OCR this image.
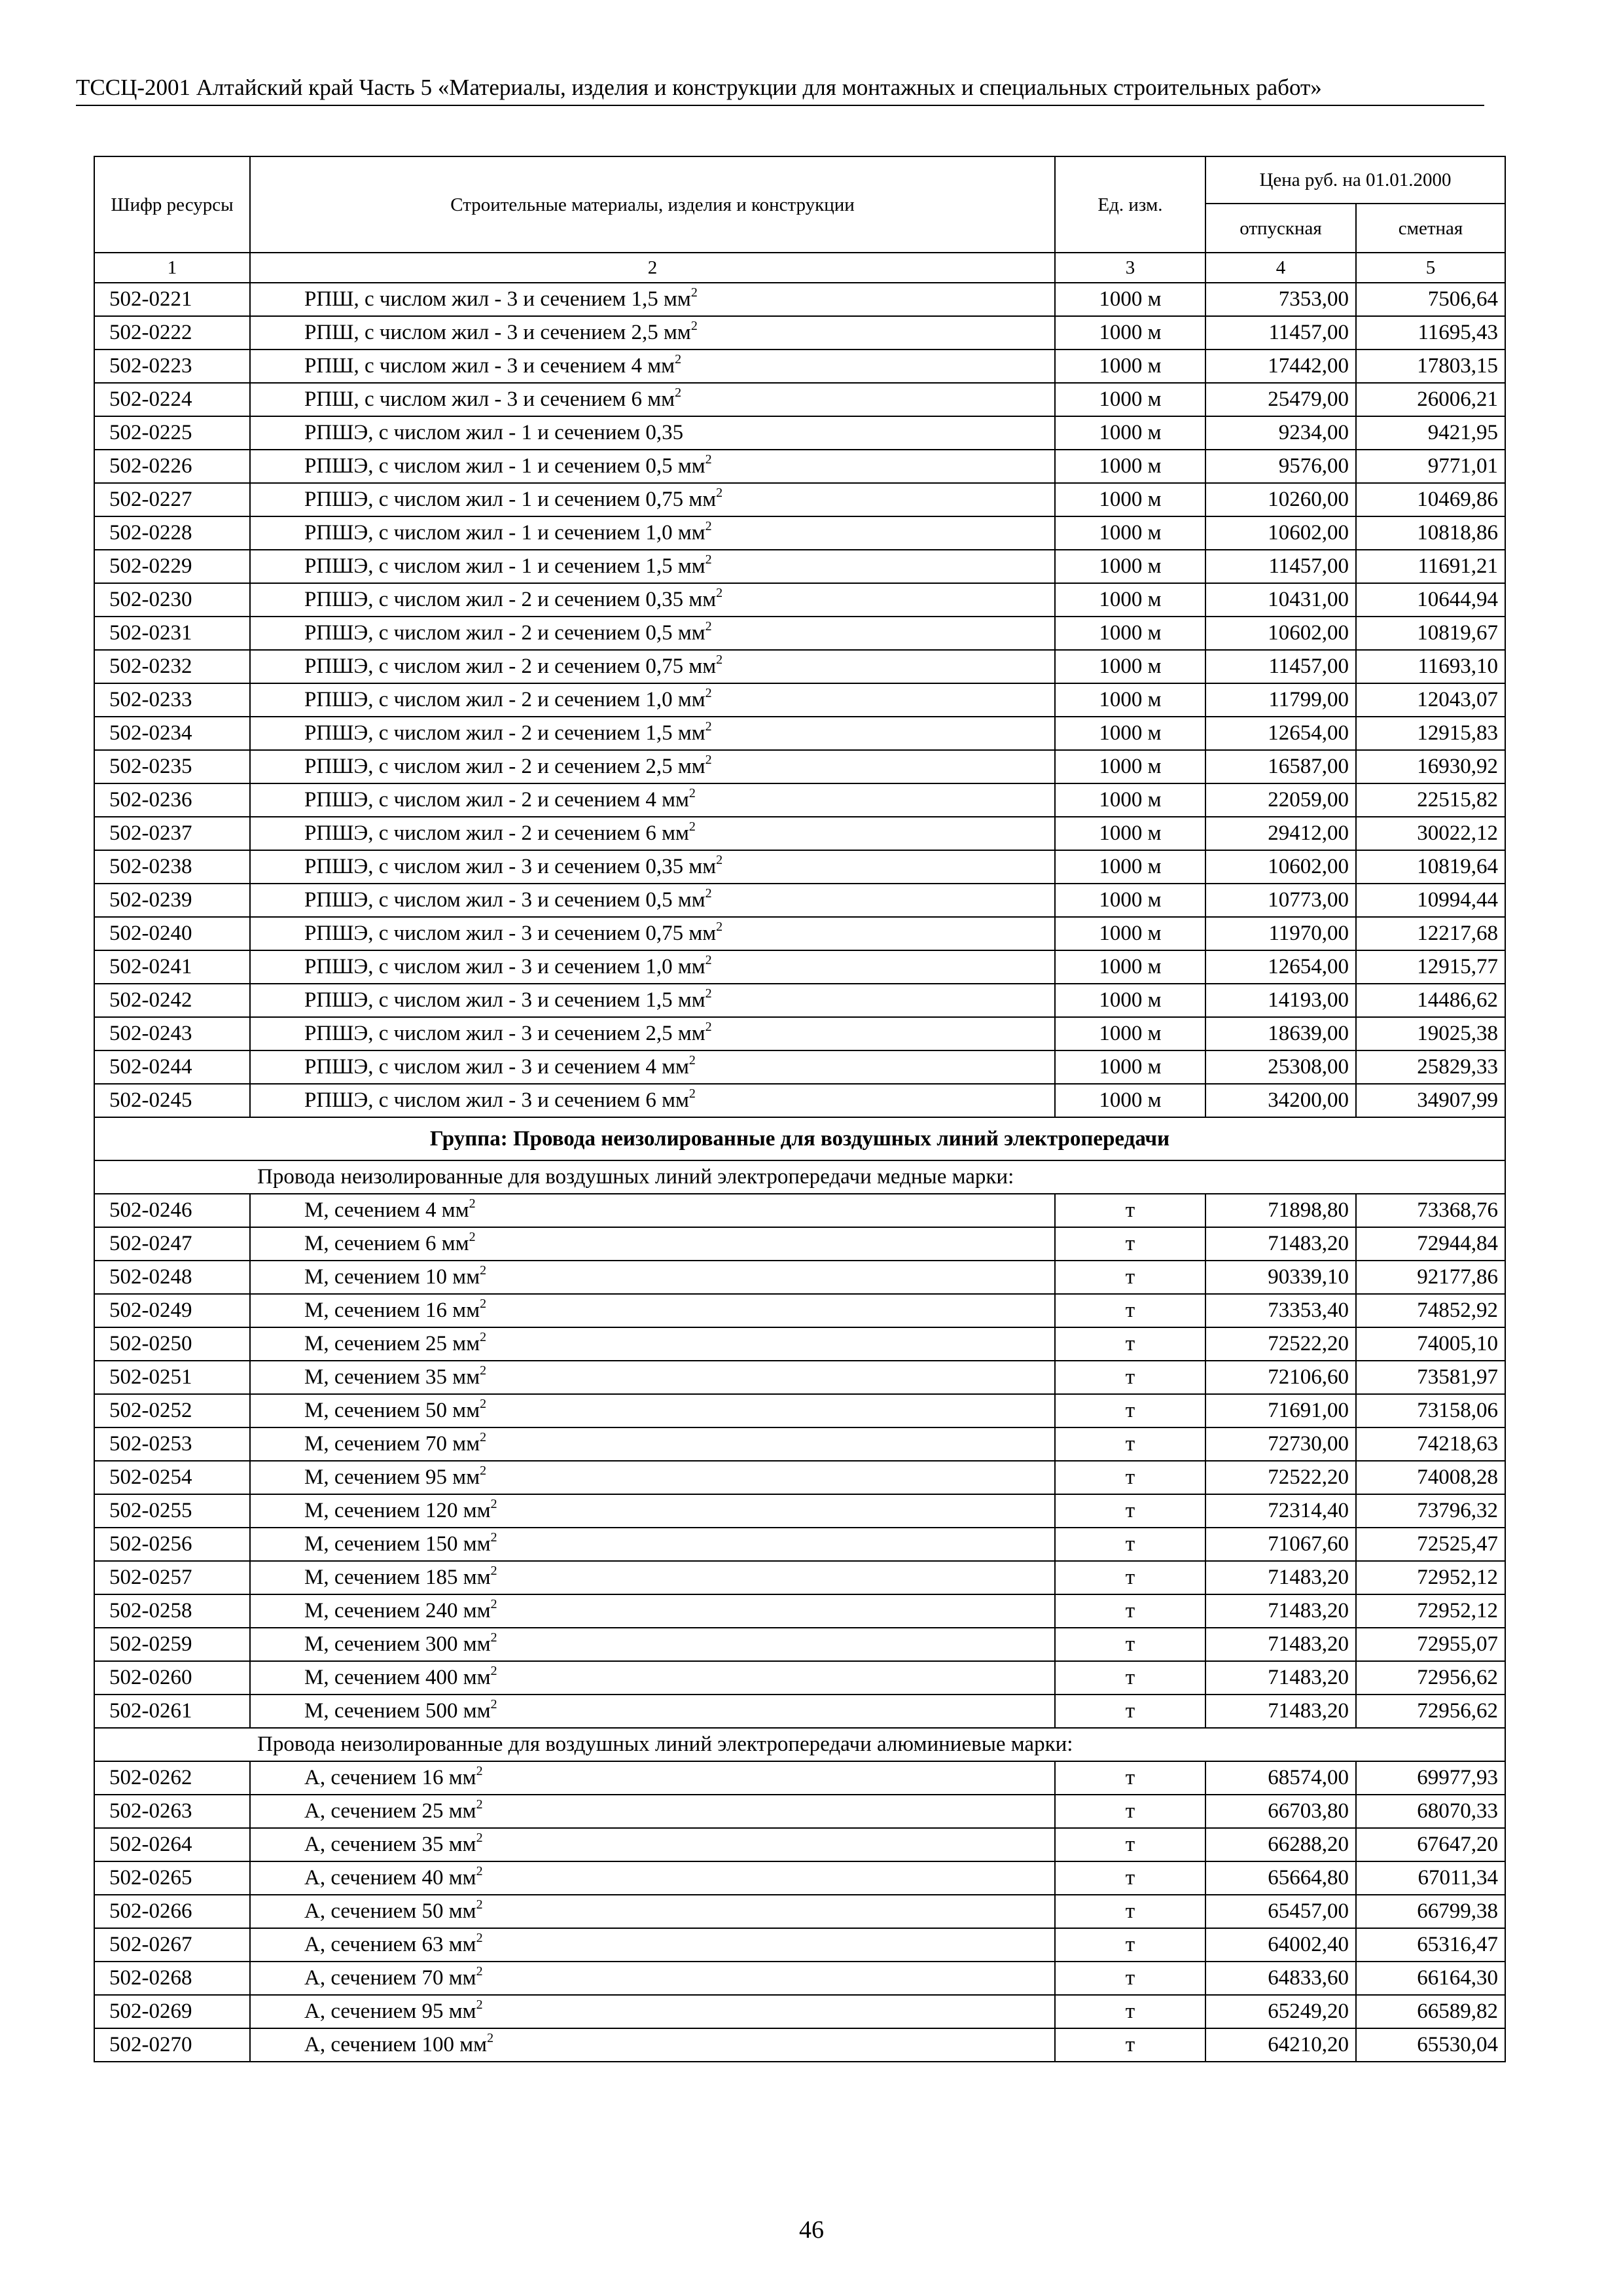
ТССЦ-2001 Алтайский край Часть 5 «Материалы, изделия и конструкции для монтажных и специальных строительных работ»
Шифр ресурсы	Строительные материалы, изделия и конструкции	Ед. изм.	Цена руб. на 01.01.2000	
			отпускная	сметная
1	2	3	4	5
502-0221	РПШ, с числом жил - 3 и сечением 1,5 $мм^2$	1000 м	7353,00	7506,64
502-0222	РПШ, с числом жил - 3 и сечением 2,5 $мм^2$	1000 м	11457,00	11695,43
502-0223	РПШ, с числом жил - 3 и сечением 4 $мм^2$	1000 м	17442,00	17803,15
502-0224	РПШ, с числом жил - 3 и сечением 6 $мм^2$	1000 м	25479,00	26006,21
502-0225	РПШЭ, с числом жил - 1 и сечением 0,35	1000 м	9234,00	9421,95
502-0226	РПШЭ, с числом жил - 1 и сечением 0,5 $мм^2$	1000 м	9576,00	9771,01
502-0227	РПШЭ, с числом жил - 1 и сечением 0,75 $мм^2$	1000 м	10260,00	10469,86
502-0228	РПШЭ, с числом жил - 1 и сечением 1,0 $мм^2$	1000 м	10602,00	10818,86
502-0229	РПШЭ, с числом жил - 1 и сечением 1,5 $мм^2$	1000 м	11457,00	11691,21
502-0230	РПШЭ, с числом жил - 2 и сечением 0,35 $мм^2$	1000 м	10431,00	10644,94
502-0231	РПШЭ, с числом жил - 2 и сечением 0,5 $мм^2$	1000 м	10602,00	10819,67
502-0232	РПШЭ, с числом жил - 2 и сечением 0,75 $мм^2$	1000 м	11457,00	11693,10
502-0233	РПШЭ, с числом жил - 2 и сечением 1,0 $мм^2$	1000 м	11799,00	12043,07
502-0234	РПШЭ, с числом жил - 2 и сечением 1,5 $мм^2$	1000 м	12654,00	12915,83
502-0235	РПШЭ, с числом жил - 2 и сечением 2,5 $мм^2$	1000 м	16587,00	16930,92
502-0236	РПШЭ, с числом жил - 2 и сечением 4 $мм^2$	1000 м	22059,00	22515,82
502-0237	РПШЭ, с числом жил - 2 и сечением 6 $мм^2$	1000 м	29412,00	30022,12
502-0238	РПШЭ, с числом жил - 3 и сечением 0,35 $мм^2$	1000 м	10602,00	10819,64
502-0239	РПШЭ, с числом жил - 3 и сечением 0,5 $мм^2$	1000 м	10773,00	10994,44
502-0240	РПШЭ, с числом жил - 3 и сечением 0,75 $мм^2$	1000 м	11970,00	12217,68
502-0241	РПШЭ, с числом жил - 3 и сечением 1,0 $мм^2$	1000 м	12654,00	12915,77
502-0242	РПШЭ, с числом жил - 3 и сечением 1,5 $мм^2$	1000 м	14193,00	14486,62
502-0243	РПШЭ, с числом жил - 3 и сечением 2,5 $мм^2$	1000 м	18639,00	19025,38
502-0244	РПШЭ, с числом жил - 3 и сечением 4 $мм^2$	1000 м	25308,00	25829,33
502-0245	РПШЭ, с числом жил - 3 и сечением 6 $мм^2$	1000 м	34200,00	34907,99
Группа: Провода неизолированные для воздушных линий электропередачи				
Провода неизолированные для воздушных линий электропередачи медные марки:				
502-0246	М, сечением 4 $мм^2$	т	71898,80	73368,76
502-0247	М, сечением 6 $мм^2$	т	71483,20	72944,84
502-0248	М, сечением 10 $мм^2$	т	90339,10	92177,86
502-0249	М, сечением 16 $мм^2$	т	73353,40	74852,92
502-0250	М, сечением 25 $мм^2$	т	72522,20	74005,10
502-0251	М, сечением 35 $мм^2$	т	72106,60	73581,97
502-0252	М, сечением 50 $мм^2$	т	71691,00	73158,06
502-0253	М, сечением 70 $мм^2$	т	72730,00	74218,63
502-0254	М, сечением 95 $мм^2$	т	72522,20	74008,28
502-0255	М, сечением 120 $мм^2$	т	72314,40	73796,32
502-0256	М, сечением 150 $мм^2$	т	71067,60	72525,47
502-0257	М, сечением 185 $мм^2$	т	71483,20	72952,12
502-0258	М, сечением 240 $мм^2$	т	71483,20	72952,12
502-0259	М, сечением 300 $мм^2$	т	71483,20	72955,07
502-0260	М, сечением 400 $мм^2$	т	71483,20	72956,62
502-0261	М, сечением 500 $мм^2$	т	71483,20	72956,62
Провода неизолированные для воздушных линий электропередачи алюминиевые марки:				
502-0262	А, сечением 16 $мм^2$	т	68574,00	69977,93
502-0263	А, сечением 25 $мм^2$	т	66703,80	68070,33
502-0264	А, сечением 35 $мм^2$	т	66288,20	67647,20
502-0265	А, сечением 40 $мм^2$	т	65664,80	67011,34
502-0266	А, сечением 50 $мм^2$	т	65457,00	66799,38
502-0267	А, сечением 63 $мм^2$	т	64002,40	65316,47
502-0268	А, сечением 70 $мм^2$	т	64833,60	66164,30
502-0269	А, сечением 95 $мм^2$	т	65249,20	66589,82
502-0270	А, сечением 100 $мм^2$	т	64210,20	65530,04
46
